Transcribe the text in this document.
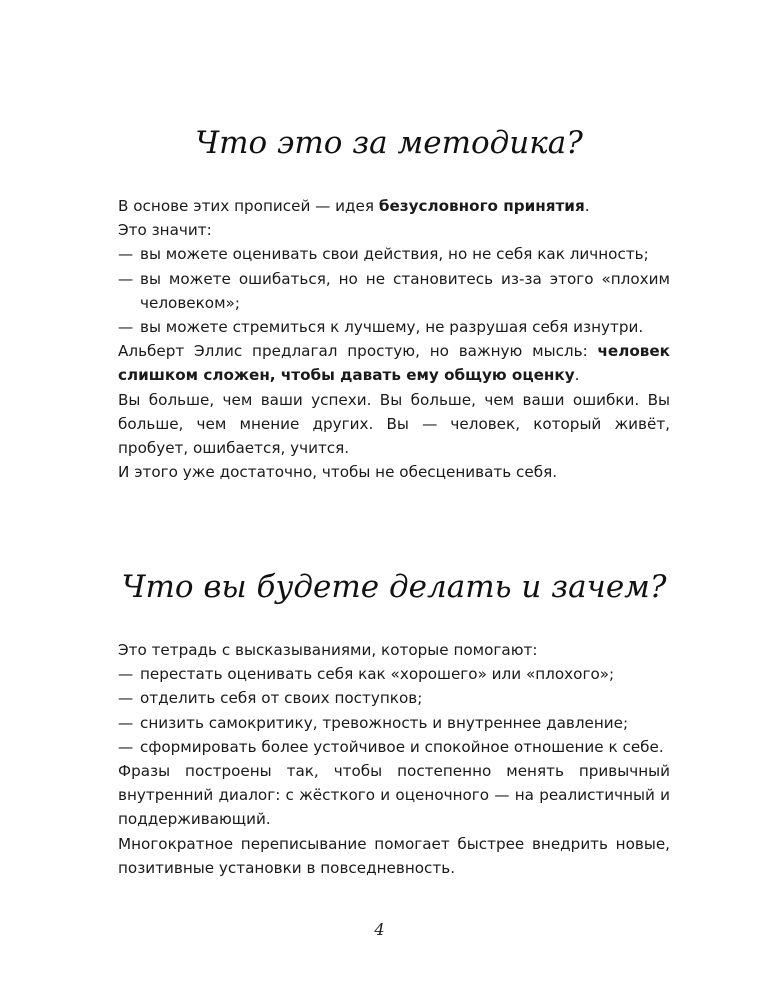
Что это за методика?

В основе этих прописей — идея безусловного принятия.

Это значит:

— вы можете оценивать свои действия, но не себя как личность;

— вы можете ошибаться, но не становитесь из-за этого «плохим человеком»;

— вы можете стремиться к лучшему, не разрушая себя изнутри.

Альберт Эллис предлагал простую, но важную мысль: человек слишком сложен, чтобы давать ему общую оценку.

Вы больше, чем ваши успехи. Вы больше, чем ваши ошибки. Вы больше, чем мнение других. Вы — человек, который живёт, пробует, ошибается, учится.

И этого уже достаточно, чтобы не обесценивать себя.

Что вы будете делать и зачем?

Это тетрадь с высказываниями, которые помогают:

— перестать оценивать себя как «хорошего» или «плохого»;

— отделить себя от своих поступков;

— снизить самокритику, тревожность и внутреннее давление;

— сформировать более устойчивое и спокойное отношение к себе.

Фразы построены так, чтобы постепенно менять привычный внутренний диалог: с жёсткого и оценочного — на реалистичный и поддерживающий.

Многократное переписывание помогает быстрее внедрить новые, позитивные установки в повседневность.

4
